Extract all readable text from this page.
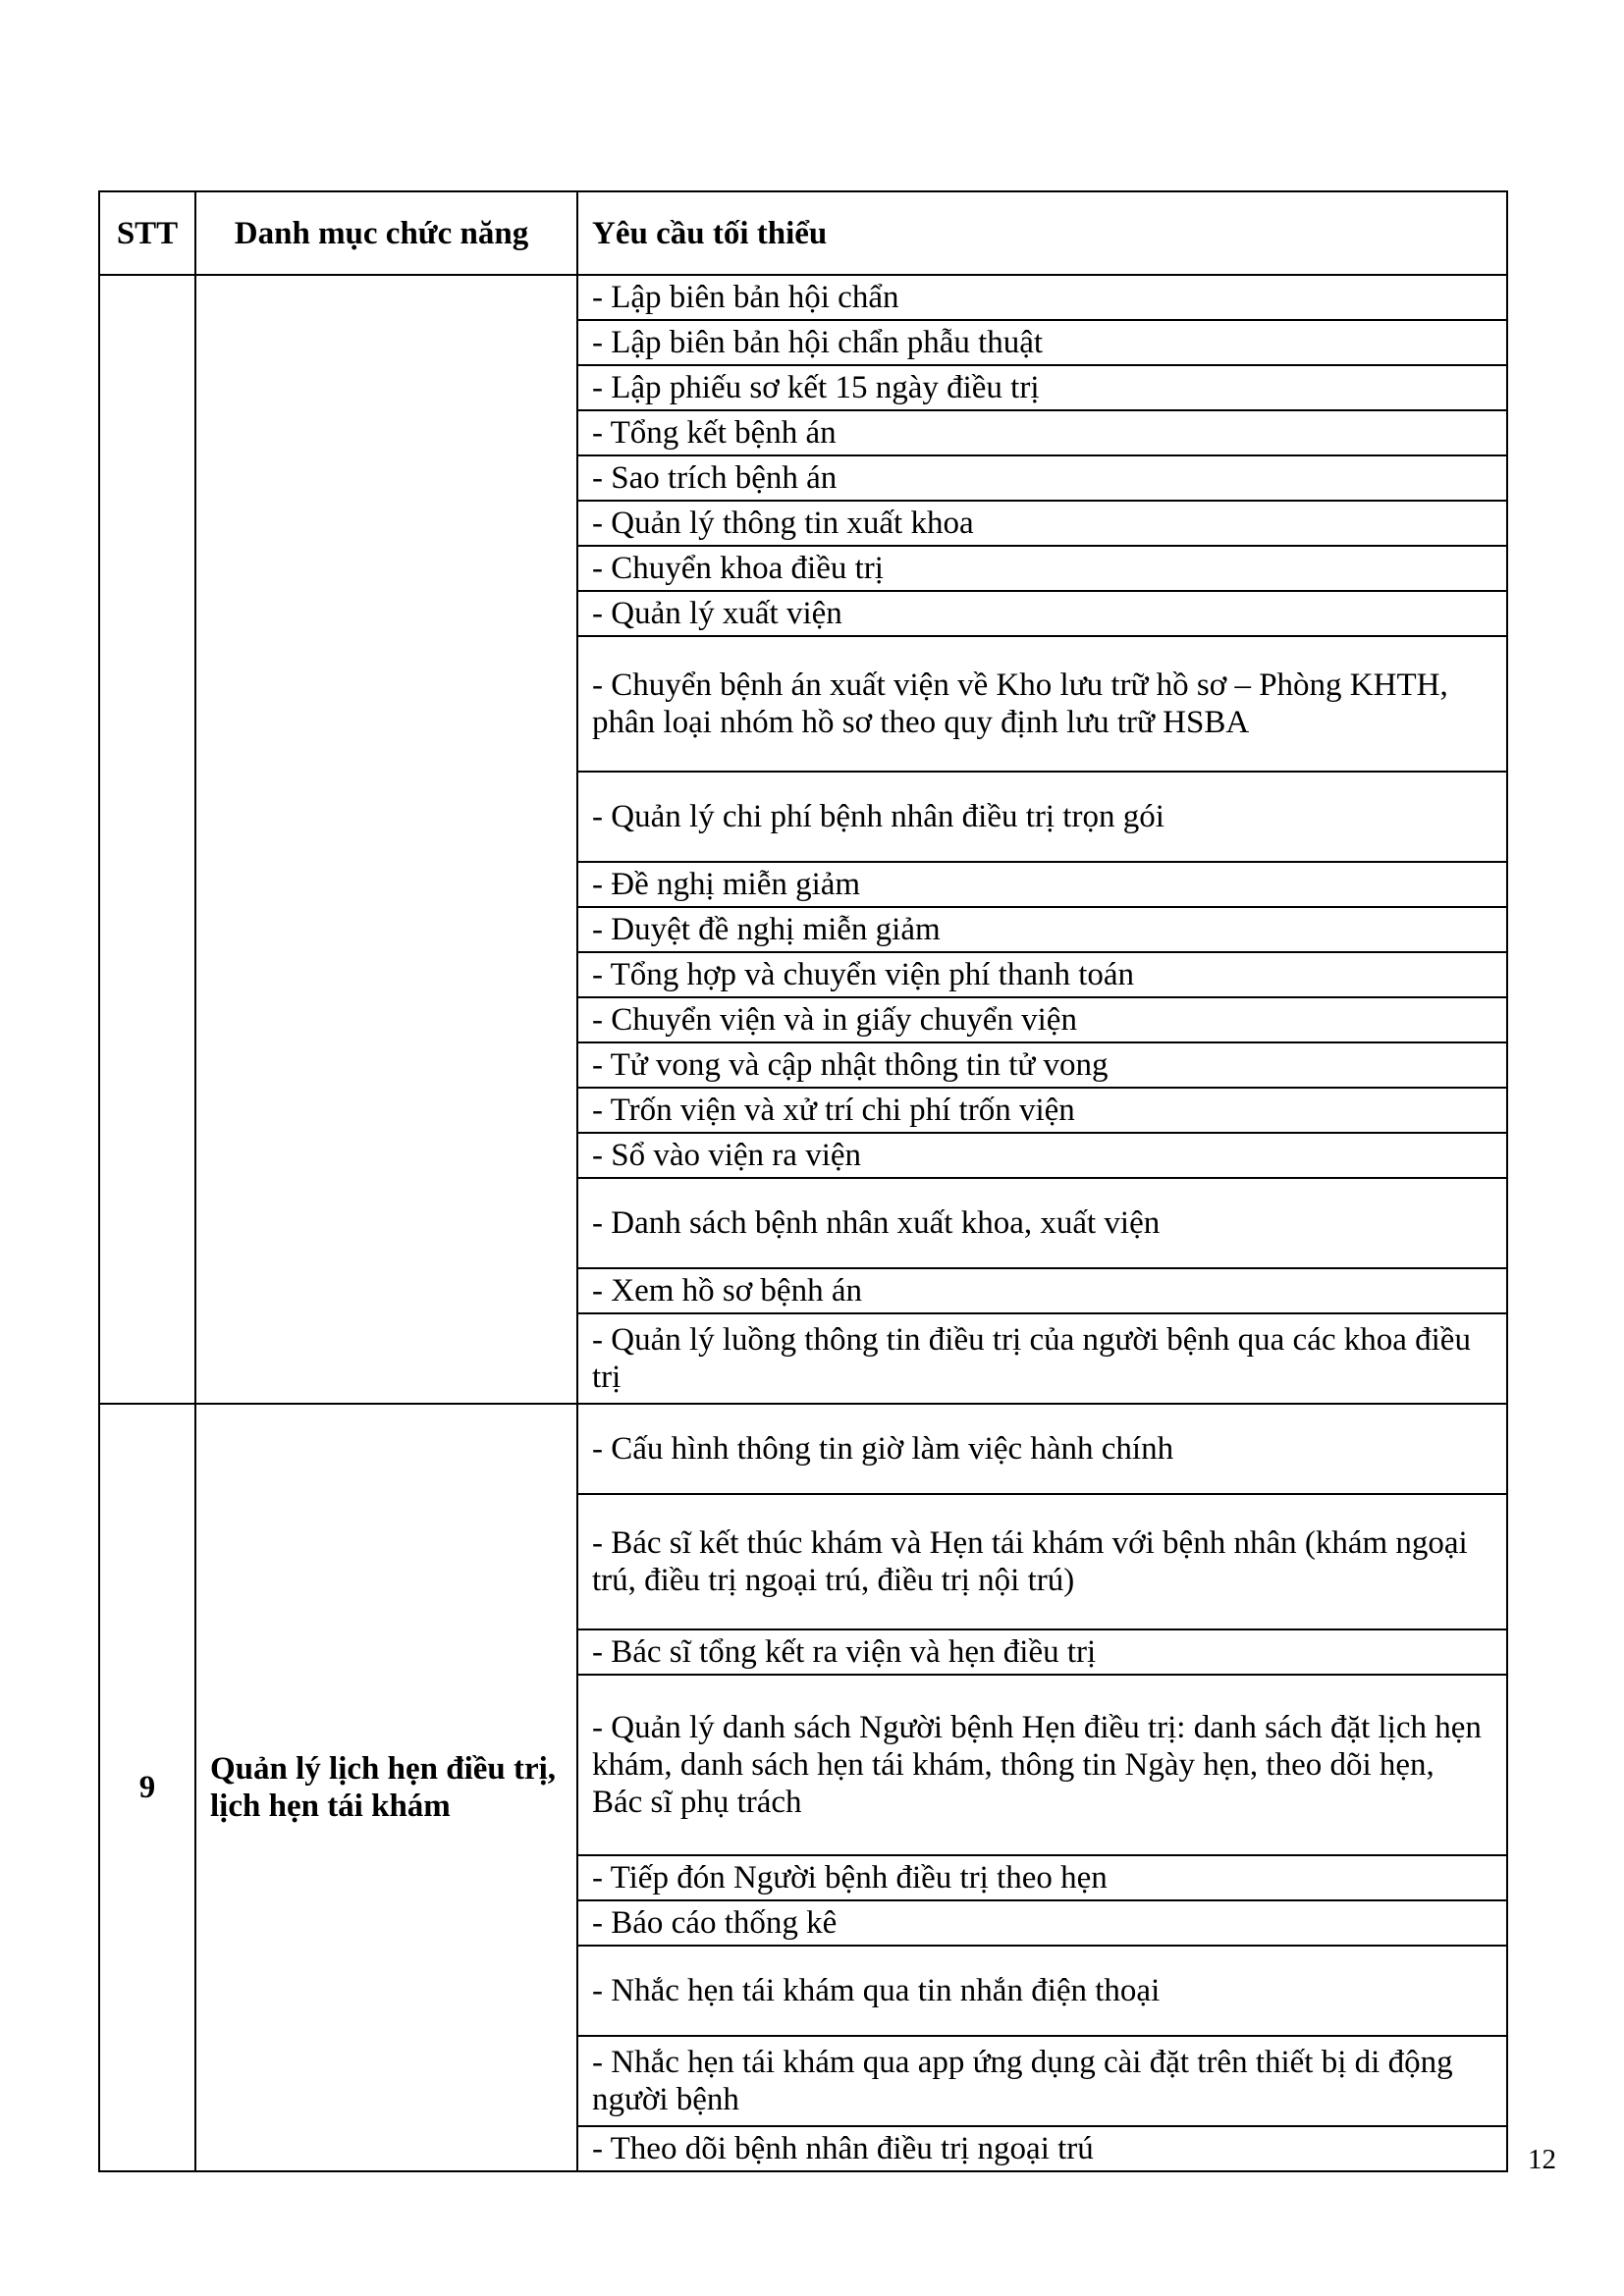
STT	Danh mục chức năng	Yêu cầu tối thiểu
		- Lập biên bản hội chẩn
		- Lập biên bản hội chẩn phẫu thuật
		- Lập phiếu sơ kết 15 ngày điều trị
		- Tổng kết bệnh án
		- Sao trích bệnh án
		- Quản lý thông tin xuất khoa
		- Chuyển khoa điều trị
		- Quản lý xuất viện
		- Chuyển bệnh án xuất viện về Kho lưu trữ hồ sơ – Phòng KHTH, phân loại nhóm hồ sơ theo quy định lưu trữ HSBA
		- Quản lý chi phí bệnh nhân điều trị trọn gói
		- Đề nghị miễn giảm
		- Duyệt đề nghị miễn giảm
		- Tổng hợp và chuyển viện phí thanh toán
		- Chuyển viện và in giấy chuyển viện
		- Tử vong và cập nhật thông tin tử vong
		- Trốn viện và xử trí chi phí trốn viện
		- Sổ vào viện ra viện
		- Danh sách bệnh nhân xuất khoa, xuất viện
		- Xem hồ sơ bệnh án
		- Quản lý luồng thông tin điều trị của người bệnh qua các khoa điều trị
9	Quản lý lịch hẹn điều trị, lịch hẹn tái khám	- Cấu hình thông tin giờ làm việc hành chính
		- Bác sĩ kết thúc khám và Hẹn tái khám với bệnh nhân (khám ngoại trú, điều trị ngoại trú, điều trị nội trú)
		- Bác sĩ tổng kết ra viện và hẹn điều trị
		- Quản lý danh sách Người bệnh Hẹn điều trị: danh sách đặt lịch hẹn khám, danh sách hẹn tái khám, thông tin Ngày hẹn, theo dõi hẹn, Bác sĩ phụ trách
		- Tiếp đón Người bệnh điều trị theo hẹn
		- Báo cáo thống kê
		- Nhắc hẹn tái khám qua tin nhắn điện thoại
		- Nhắc hẹn tái khám qua app ứng dụng cài đặt trên thiết bị di động người bệnh
		- Theo dõi bệnh nhân điều trị ngoại trú	12
